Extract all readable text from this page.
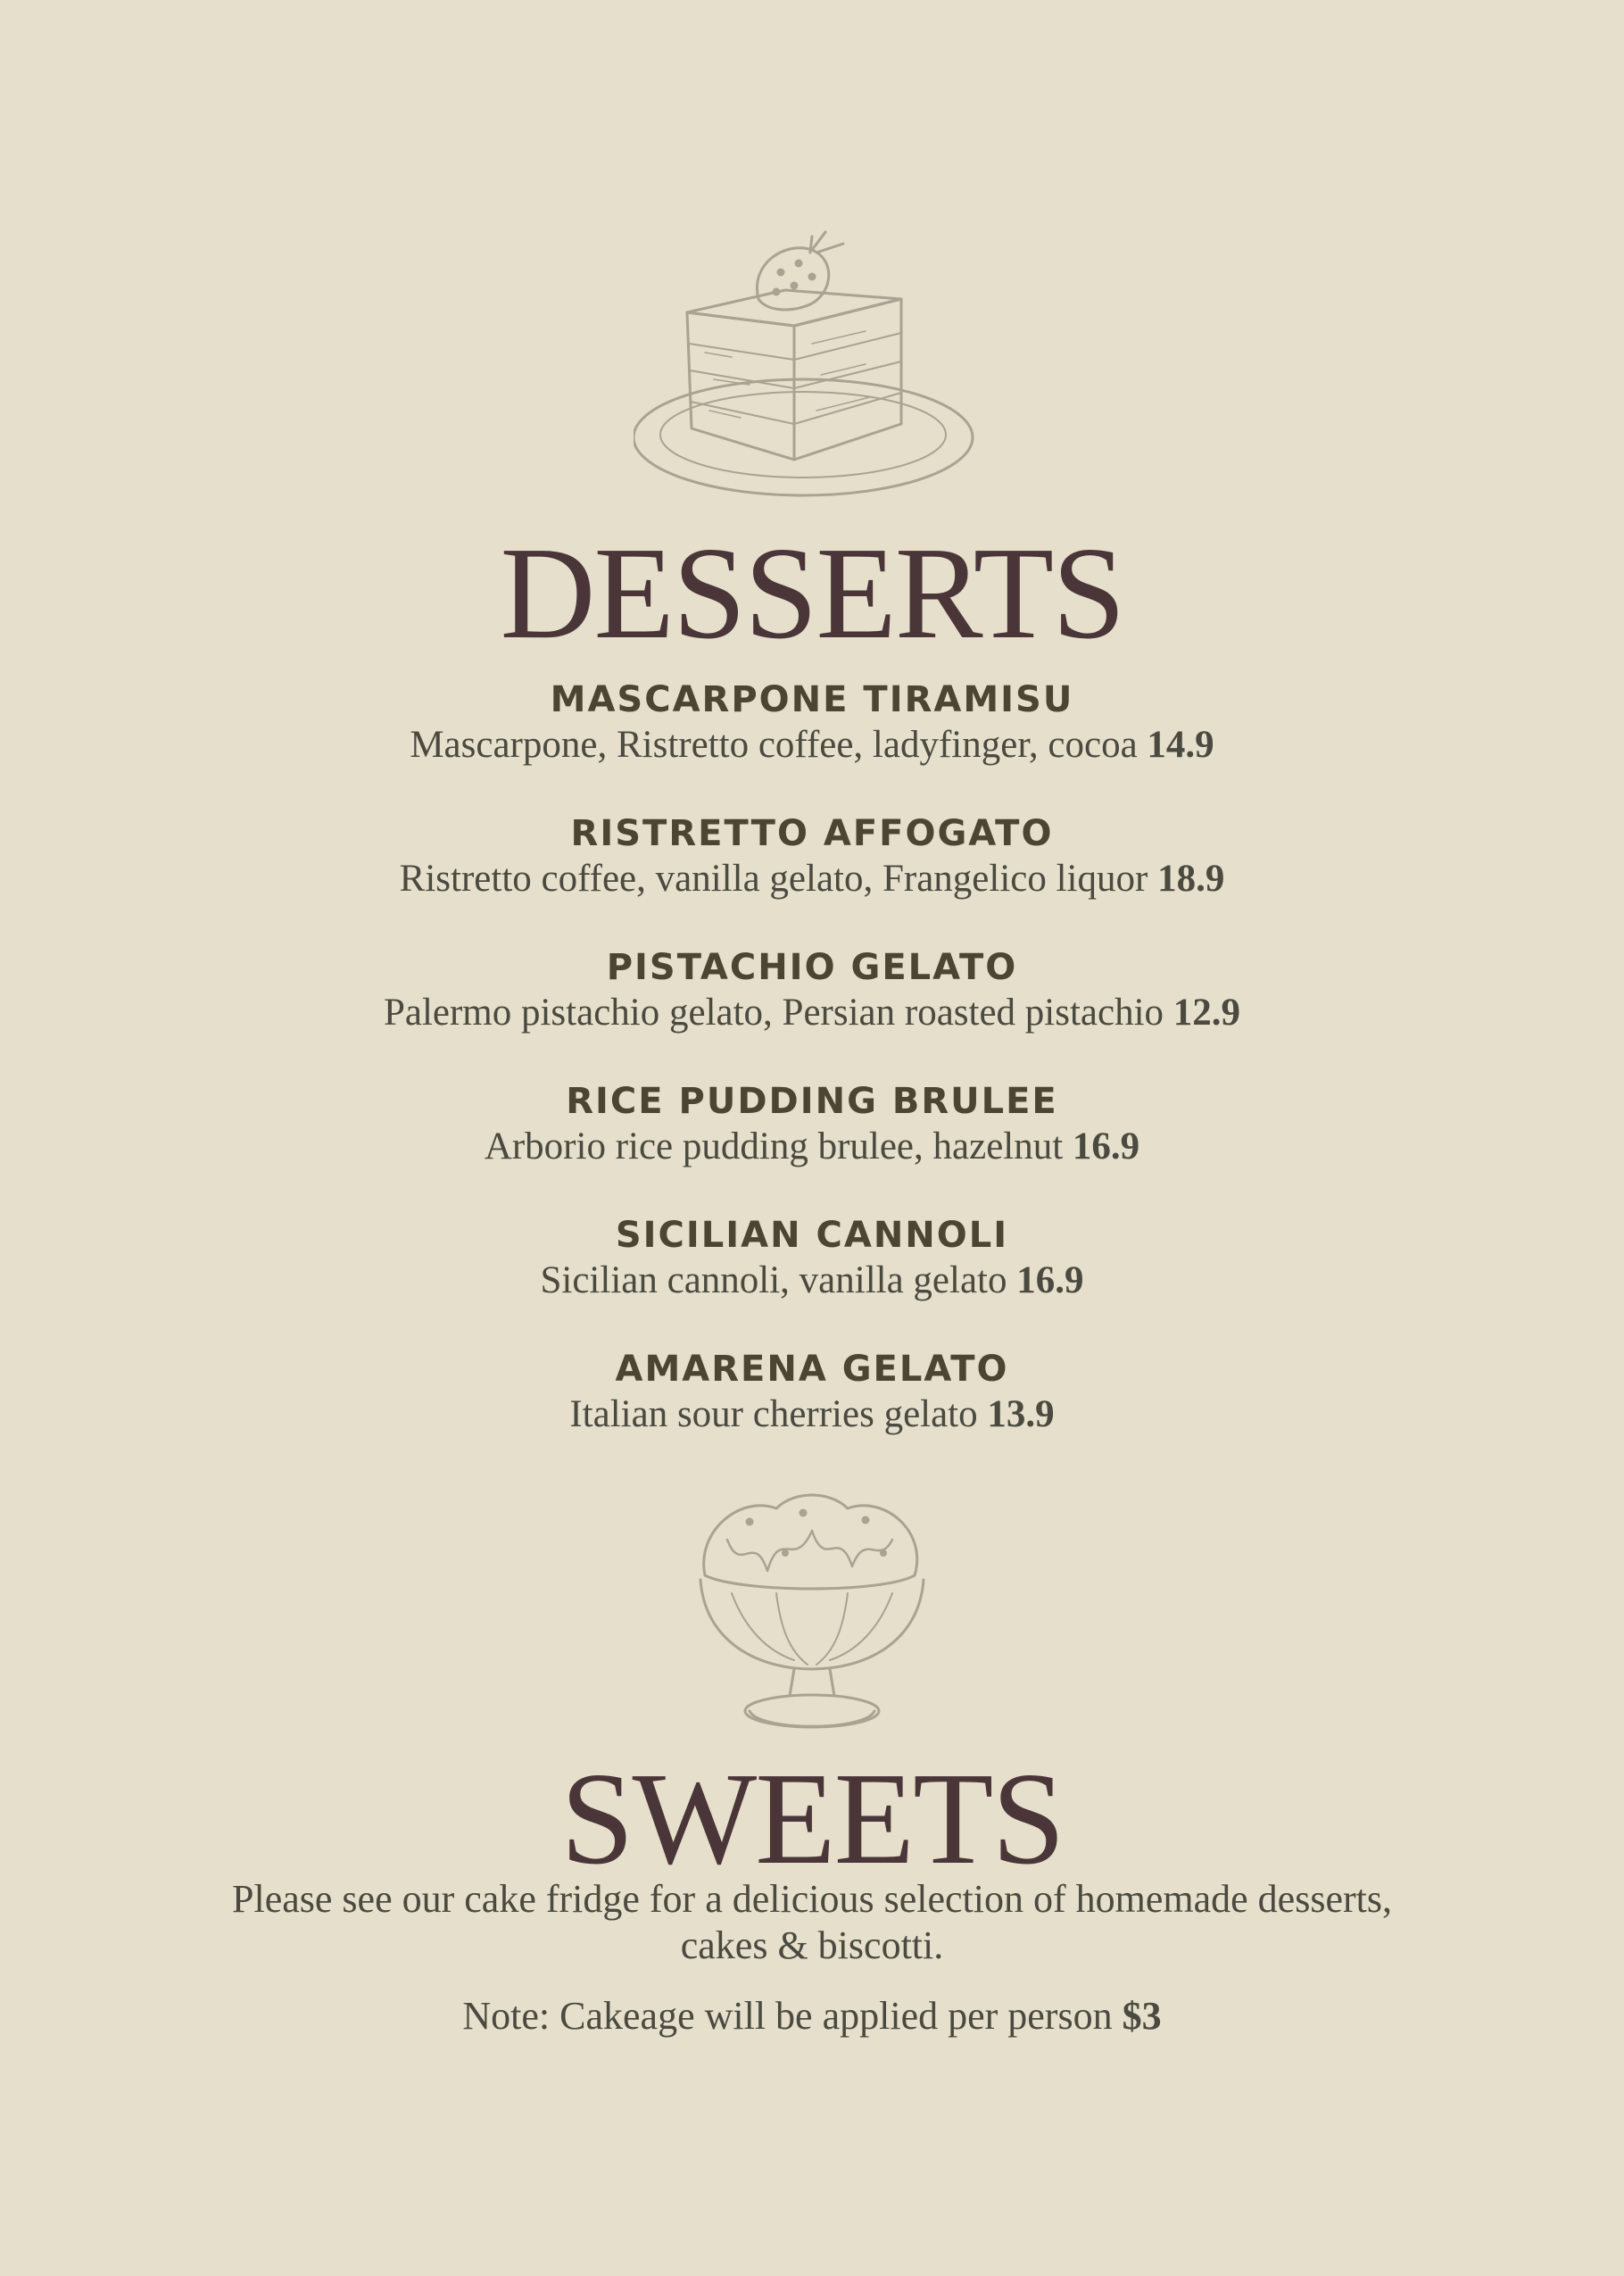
DESSERTS
MASCARPONE TIRAMISU
Mascarpone, Ristretto coffee, ladyfinger, cocoa 14.9
RISTRETTO AFFOGATO
Ristretto coffee, vanilla gelato, Frangelico liquor 18.9
PISTACHIO GELATO
Palermo pistachio gelato, Persian roasted pistachio 12.9
RICE PUDDING BRULEE
Arborio rice pudding brulee, hazelnut 16.9
SICILIAN CANNOLI
Sicilian cannoli, vanilla gelato 16.9
AMARENA GELATO
Italian sour cherries gelato 13.9
SWEETS

Please see our cake fridge for a delicious selection of homemade desserts,
cakes & biscotti.

Note: Cakeage will be applied per person $3
